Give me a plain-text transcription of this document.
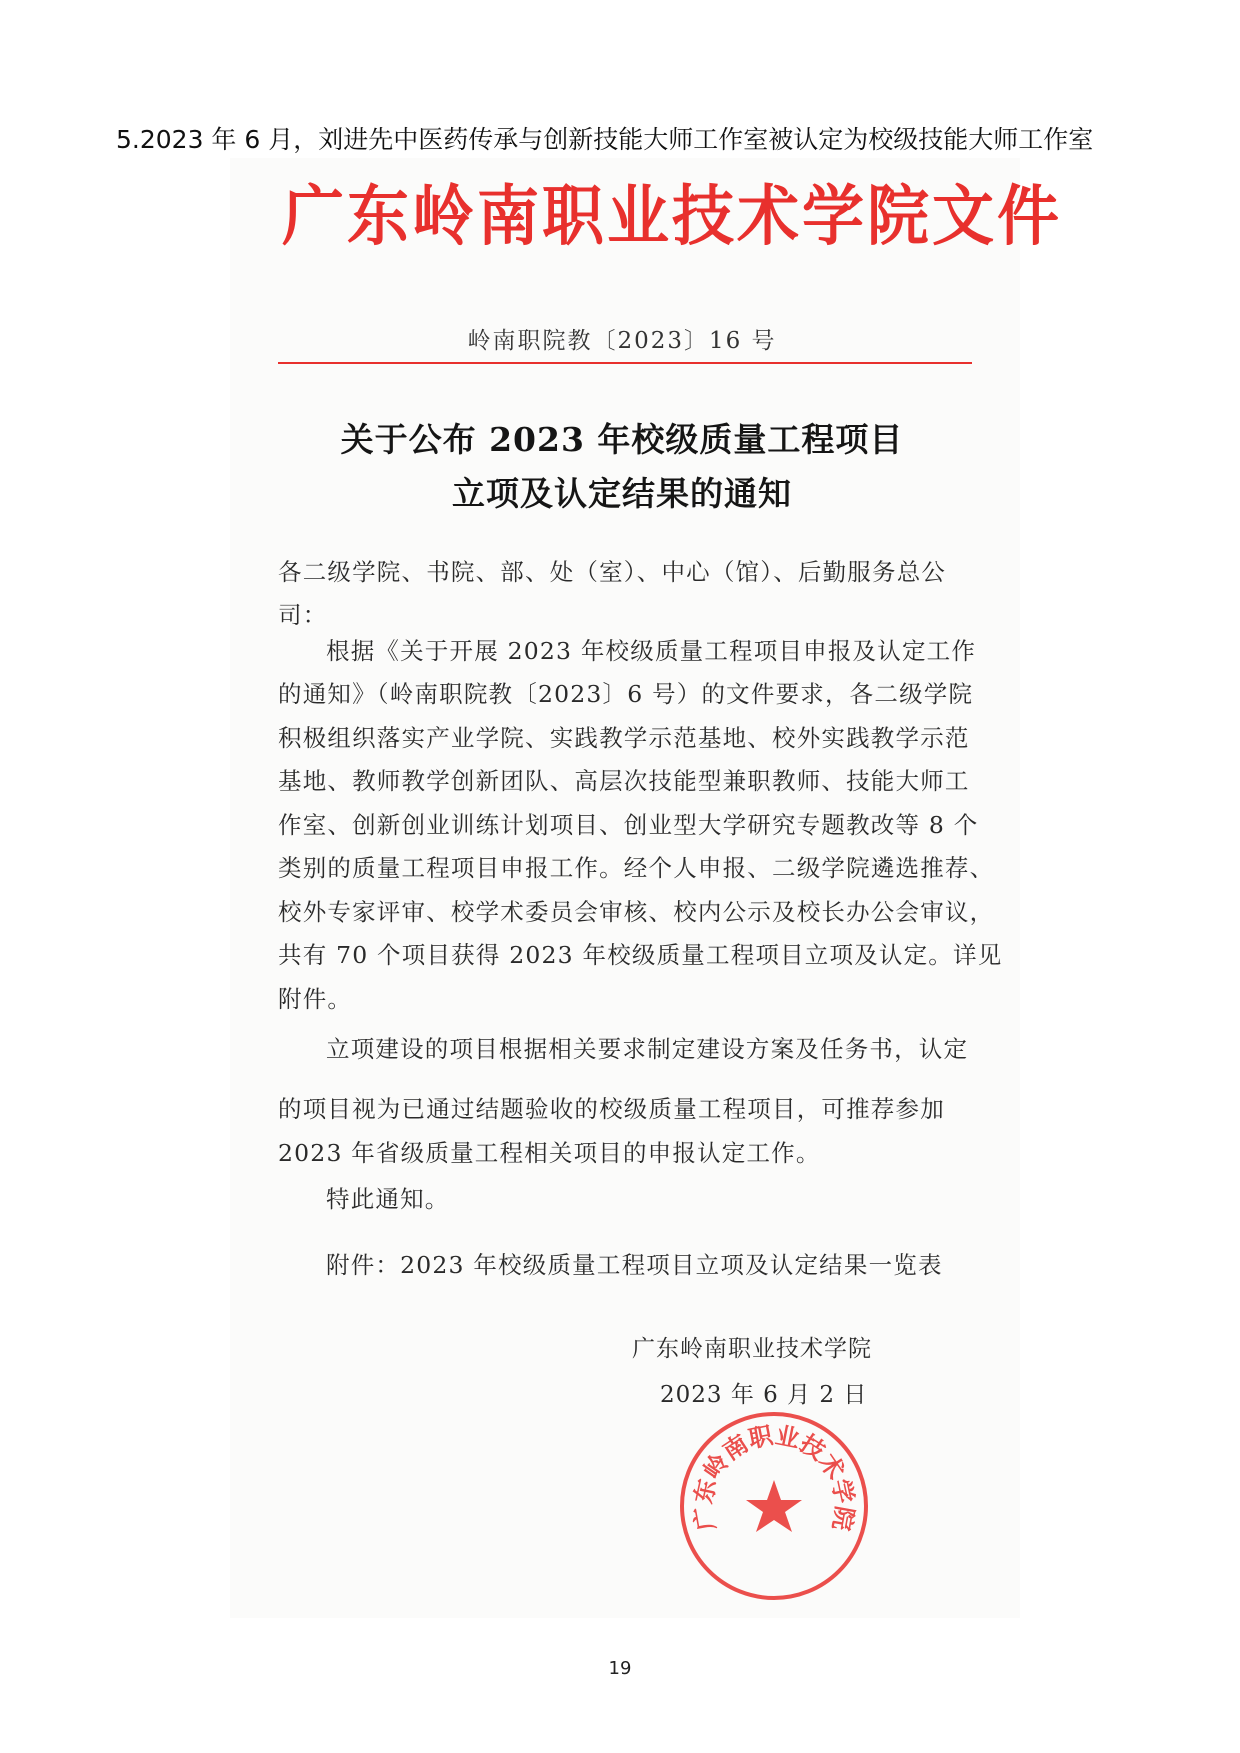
5.2023 年 6 月，刘进先中医药传承与创新技能大师工作室被认定为校级技能大师工作室
广东岭南职业技术学院文件
岭南职院教〔2023〕16 号
关于公布 2023 年校级质量工程项目
立项及认定结果的通知
各二级学院、书院、部、处（室）、中心（馆）、后勤服务总公
司：
根据《关于开展 2023 年校级质量工程项目申报及认定工作
的通知》（岭南职院教〔2023〕6 号）的文件要求，各二级学院
积极组织落实产业学院、实践教学示范基地、校外实践教学示范
基地、教师教学创新团队、高层次技能型兼职教师、技能大师工
作室、创新创业训练计划项目、创业型大学研究专题教改等 8 个
类别的质量工程项目申报工作。经个人申报、二级学院遴选推荐、
校外专家评审、校学术委员会审核、校内公示及校长办公会审议，
共有 70 个项目获得 2023 年校级质量工程项目立项及认定。详见
附件。
立项建设的项目根据相关要求制定建设方案及任务书，认定
的项目视为已通过结题验收的校级质量工程项目，可推荐参加
2023 年省级质量工程相关项目的申报认定工作。
特此通知。
附件：2023 年校级质量工程项目立项及认定结果一览表
广东岭南职业技术学院
广东岭南职业技术学院
2023 年 6 月 2 日
19
